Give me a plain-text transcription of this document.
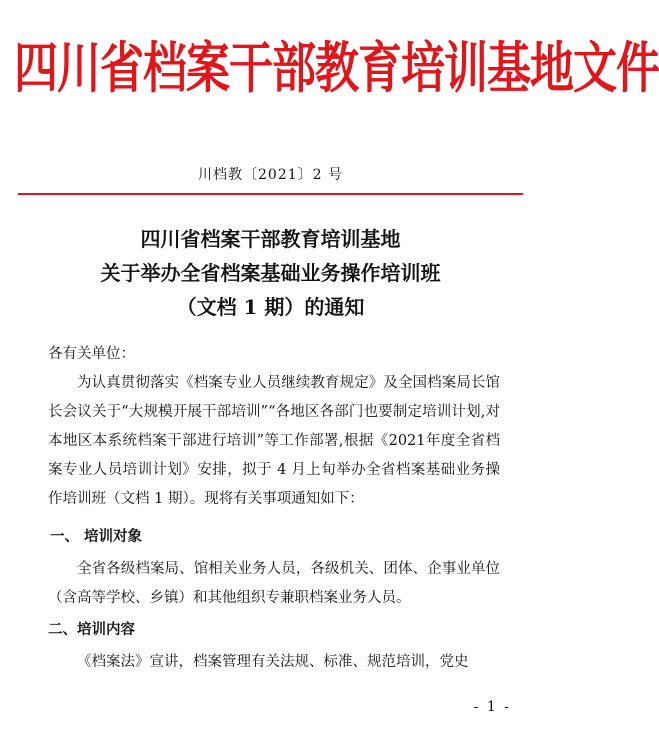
四川省档案干部教育培训基地文件
川档教〔2021〕2 号
四川省档案干部教育培训基地
关于举办全省档案基础业务操作培训班
（文档 1 期）的通知
各有关单位：
为认真贯彻落实《档案专业人员继续教育规定》及全国档案局长馆长会议关于“大规模开展干部培训”“各地区各部门也要制定培训计划,对本地区本系统档案干部进行培训”等工作部署,根据《2021年度全省档案专业人员培训计划》安排，拟于 4 月上旬举办全省档案基础业务操作培训班（文档 1 期）。现将有关事项通知如下：
一、 培训对象
全省各级档案局、馆相关业务人员，各级机关、团体、企事业单位（含高等学校、乡镇）和其他组织专兼职档案业务人员。
二、培训内容
《档案法》宣讲，档案管理有关法规、标准、规范培训，党史
- 1 -
